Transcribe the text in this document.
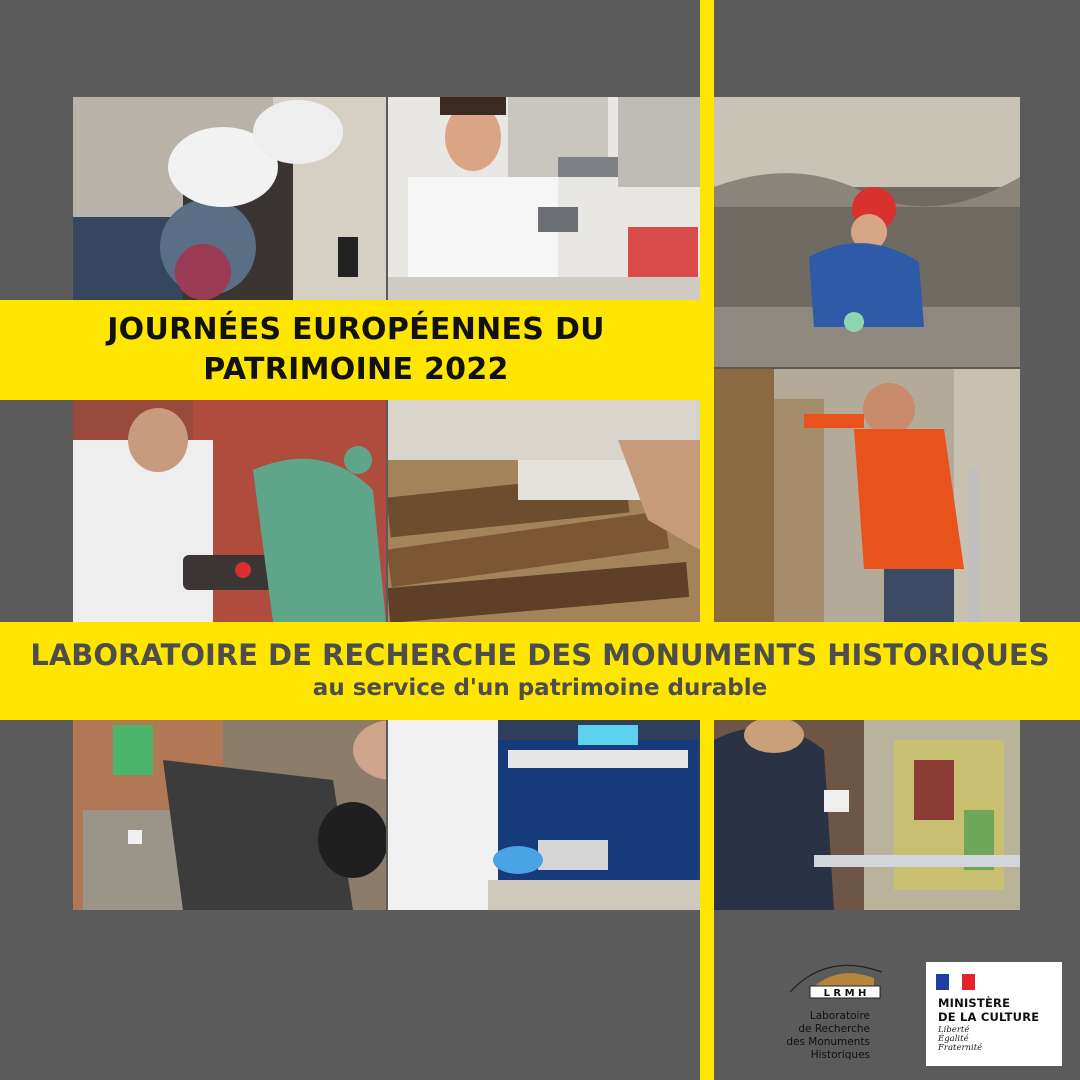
JOURNÉES EUROPÉENNES DU
PATRIMOINE 2022
LABORATOIRE DE RECHERCHE DES MONUMENTS HISTORIQUES
au service d'un patrimoine durable
L R M H
Laboratoire
de Recherche
des Monuments
Historiques
MINISTÈRE
DE LA CULTURE
Liberté
Égalité
Fraternité
